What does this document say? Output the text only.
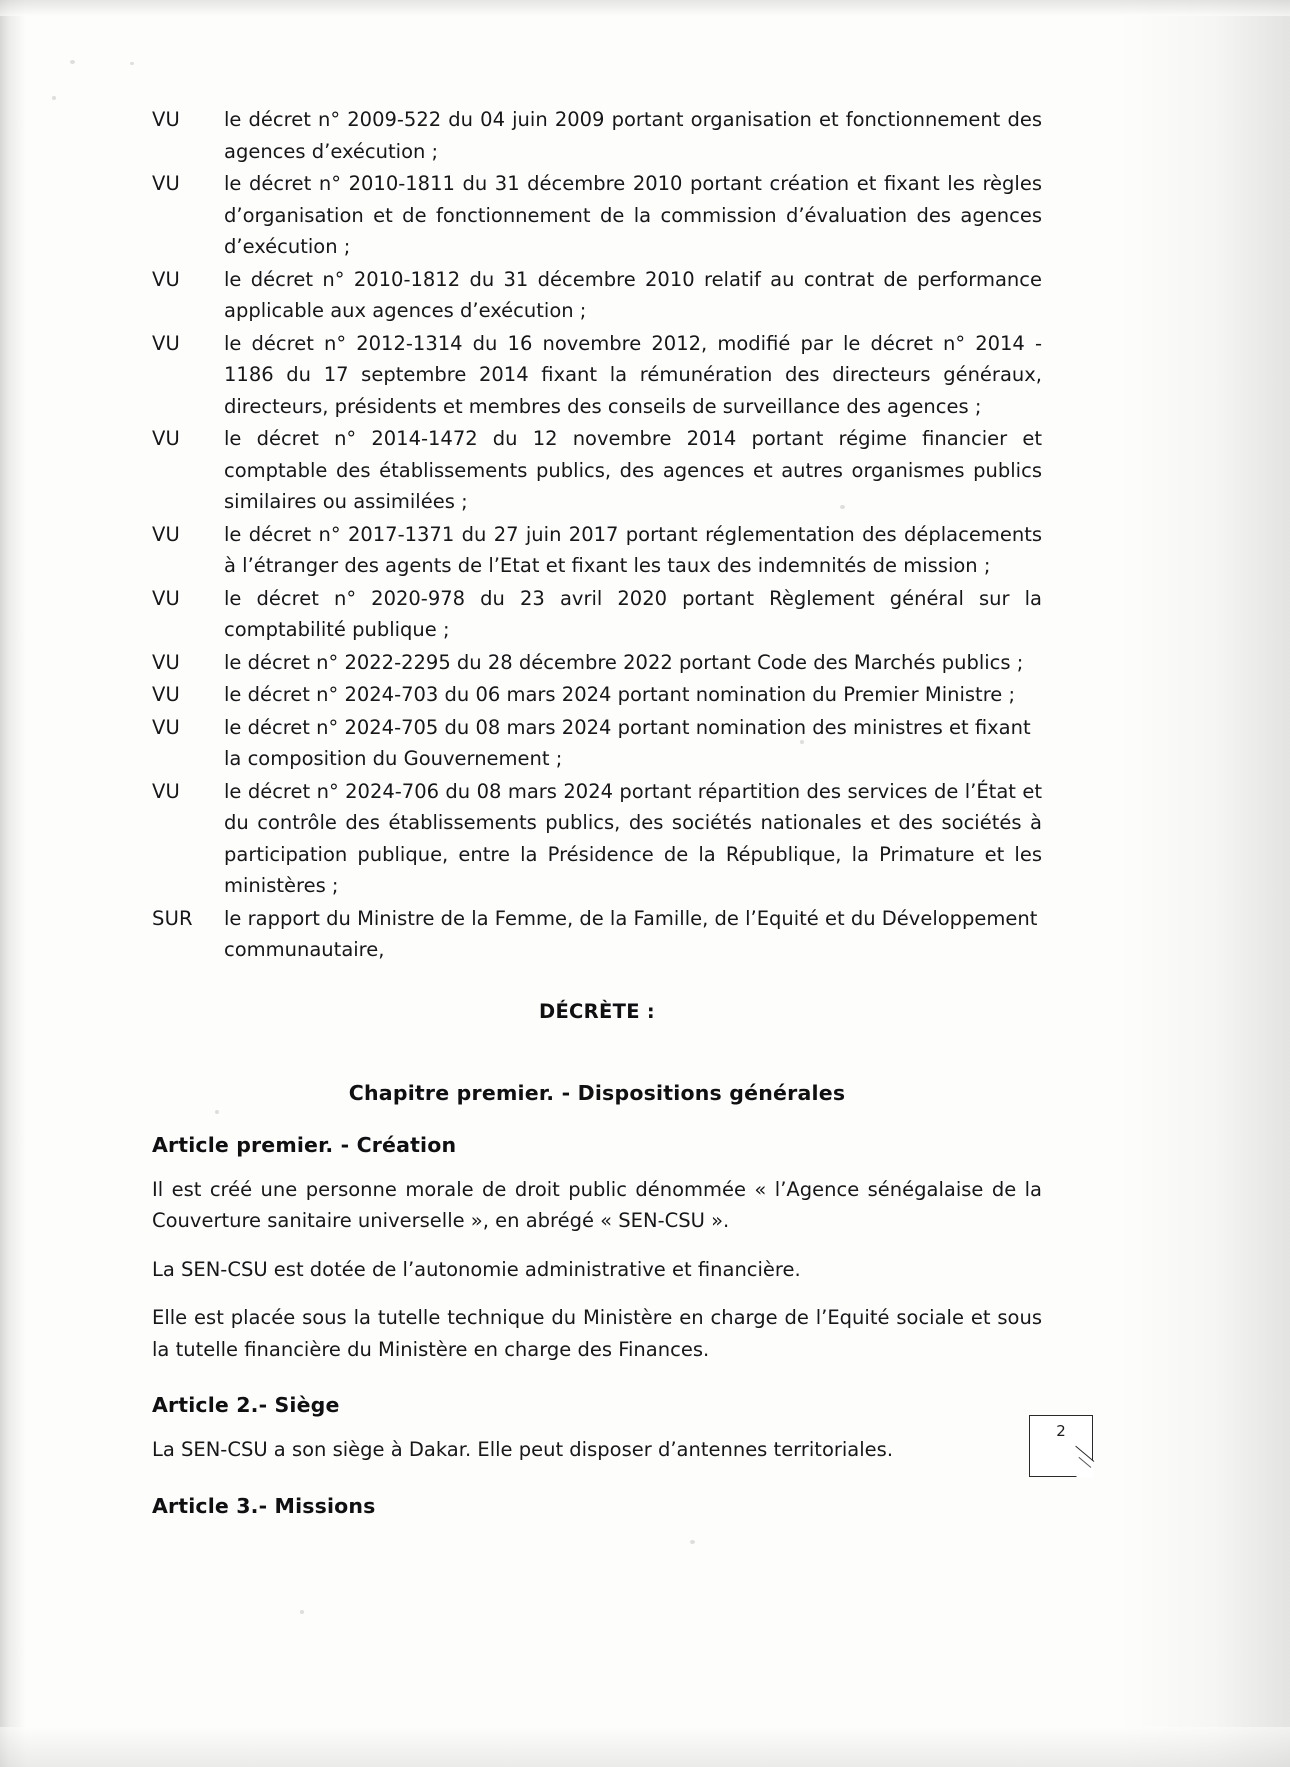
VU	le décret n° 2009-522 du 04 juin 2009 portant organisation et fonctionnement des agences d’exécution ;
VU	le décret n° 2010-1811 du 31 décembre 2010 portant création et fixant les règles d’organisation et de fonctionnement de la commission d’évaluation des agences d’exécution ;
VU	le décret n° 2010-1812 du 31 décembre 2010 relatif au contrat de performance applicable aux agences d’exécution ;
VU	le décret n° 2012-1314 du 16 novembre 2012, modifié par le décret n° 2014 - 1186 du 17 septembre 2014 fixant la rémunération des directeurs généraux, directeurs, présidents et membres des conseils de surveillance des agences ;
VU	le décret n° 2014-1472 du 12 novembre 2014 portant régime financier et comptable des établissements publics, des agences et autres organismes publics similaires ou assimilées ;
VU	le décret n° 2017-1371 du 27 juin 2017 portant réglementation des déplacements à l’étranger des agents de l’Etat et fixant les taux des indemnités de mission ;
VU	le décret n° 2020-978 du 23 avril 2020 portant Règlement général sur la comptabilité publique ;
VU	le décret n° 2022-2295 du 28 décembre 2022 portant Code des Marchés publics ;
VU	le décret n° 2024-703 du 06 mars 2024 portant nomination du Premier Ministre ;
VU	le décret n° 2024-705 du 08 mars 2024 portant nomination des ministres et fixant la composition du Gouvernement ;
VU	le décret n° 2024-706 du 08 mars 2024 portant répartition des services de l’État et du contrôle des établissements publics, des sociétés nationales et des sociétés à participation publique, entre la Présidence de la République, la Primature et les ministères ;
SUR	le rapport du Ministre de la Femme, de la Famille, de l’Equité et du Développement communautaire,
DÉCRÈTE :
Chapitre premier. - Dispositions générales
Article premier. - Création
Il est créé une personne morale de droit public dénommée « l’Agence sénégalaise de la Couverture sanitaire universelle », en abrégé « SEN-CSU ».
La SEN-CSU est dotée de l’autonomie administrative et financière.
Elle est placée sous la tutelle technique du Ministère en charge de l’Equité sociale et sous la tutelle financière du Ministère en charge des Finances.
Article 2.- Siège
La SEN-CSU a son siège à Dakar. Elle peut disposer d’antennes territoriales.
Article 3.- Missions
2
